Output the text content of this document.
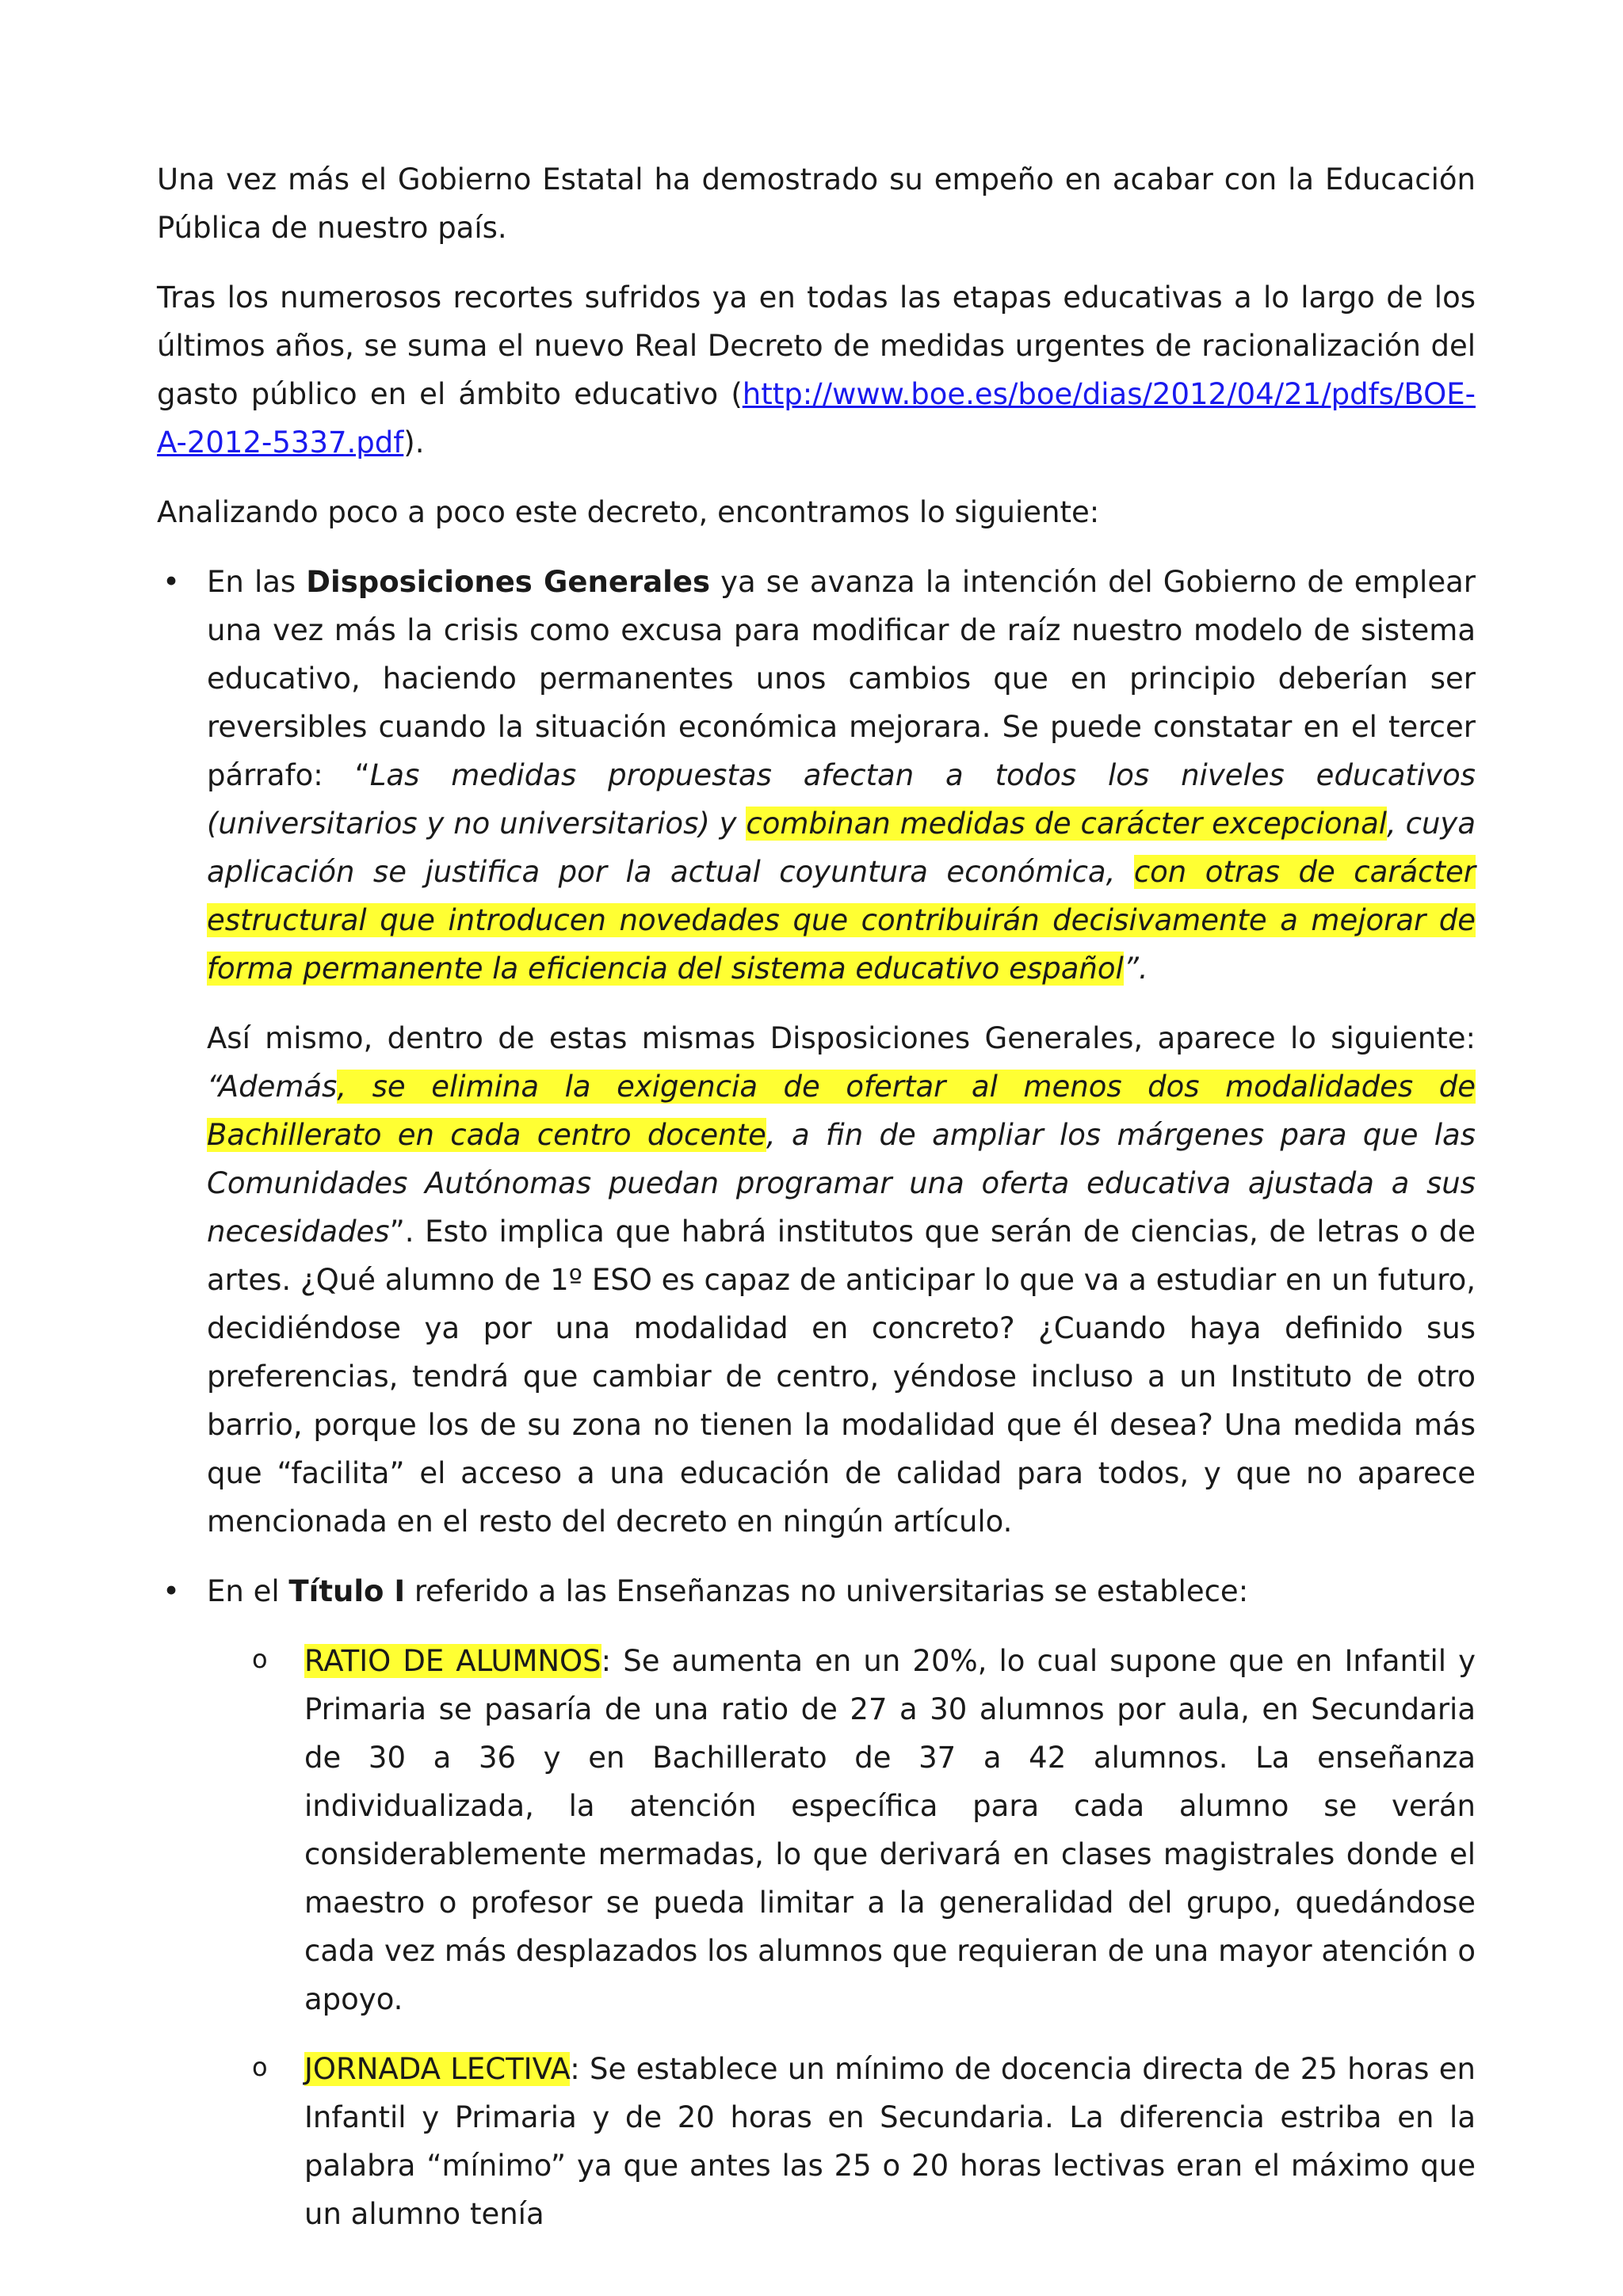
Una vez más el Gobierno Estatal ha demostrado su empeño en acabar con la Educación Pública de nuestro país.

Tras los numerosos recortes sufridos ya en todas las etapas educativas a lo largo de los últimos años, se suma el nuevo Real Decreto de medidas urgentes de racionalización del gasto público en el ámbito educativo (http://www.boe.es/boe/dias/2012/04/21/pdfs/BOE-A-2012-5337.pdf).

Analizando poco a poco este decreto, encontramos lo siguiente:

• En las Disposiciones Generales ya se avanza la intención del Gobierno de emplear una vez más la crisis como excusa para modificar de raíz nuestro modelo de sistema educativo, haciendo permanentes unos cambios que en principio deberían ser reversibles cuando la situación económica mejorara. Se puede constatar en el tercer párrafo: “Las medidas propuestas afectan a todos los niveles educativos (universitarios y no universitarios) y combinan medidas de carácter excepcional, cuya aplicación se justifica por la actual coyuntura económica, con otras de carácter estructural que introducen novedades que contribuirán decisivamente a mejorar de forma permanente la eficiencia del sistema educativo español”.

Así mismo, dentro de estas mismas Disposiciones Generales, aparece lo siguiente: “Además, se elimina la exigencia de ofertar al menos dos modalidades de Bachillerato en cada centro docente, a fin de ampliar los márgenes para que las Comunidades Autónomas puedan programar una oferta educativa ajustada a sus necesidades”. Esto implica que habrá institutos que serán de ciencias, de letras o de artes. ¿Qué alumno de 1º ESO es capaz de anticipar lo que va a estudiar en un futuro, decidiéndose ya por una modalidad en concreto? ¿Cuando haya definido sus preferencias, tendrá que cambiar de centro, yéndose incluso a un Instituto de otro barrio, porque los de su zona no tienen la modalidad que él desea? Una medida más que “facilita” el acceso a una educación de calidad para todos, y que no aparece mencionada en el resto del decreto en ningún artículo.

• En el Título I referido a las Enseñanzas no universitarias se establece:
o RATIO DE ALUMNOS: Se aumenta en un 20%, lo cual supone que en Infantil y Primaria se pasaría de una ratio de 27 a 30 alumnos por aula, en Secundaria de 30 a 36 y en Bachillerato de 37 a 42 alumnos. La enseñanza individualizada, la atención específica para cada alumno se verán considerablemente mermadas, lo que derivará en clases magistrales donde el maestro o profesor se pueda limitar a la generalidad del grupo, quedándose cada vez más desplazados los alumnos que requieran de una mayor atención o apoyo.
o JORNADA LECTIVA: Se establece un mínimo de docencia directa de 25 horas en Infantil y Primaria y de 20 horas en Secundaria. La diferencia estriba en la palabra “mínimo” ya que antes las 25 o 20 horas lectivas eran el máximo que un alumno tenía
